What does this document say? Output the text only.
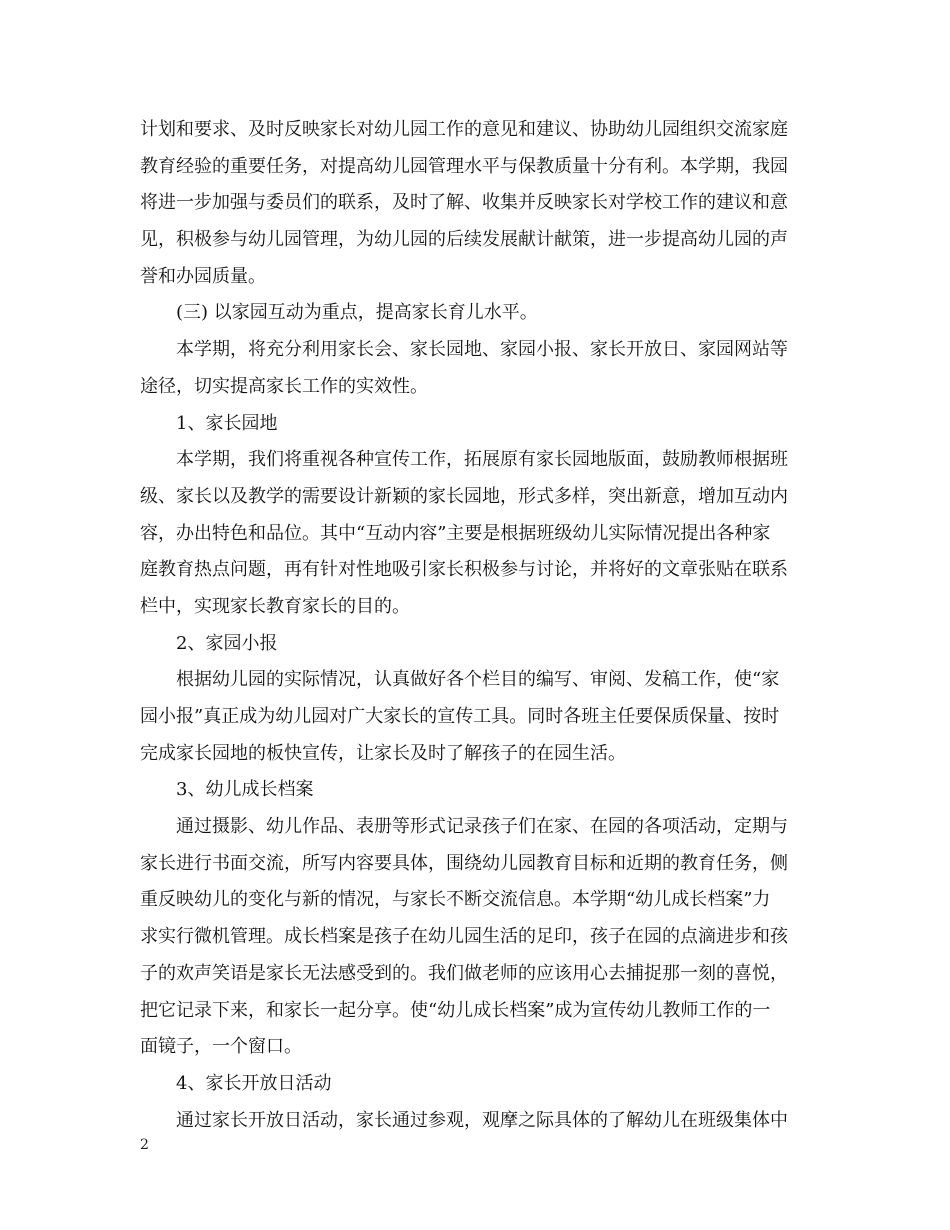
计划和要求、及时反映家长对幼儿园工作的意见和建议、协助幼儿园组织交流家庭
教育经验的重要任务，对提高幼儿园管理水平与保教质量十分有利。本学期，我园
将进一步加强与委员们的联系，及时了解、收集并反映家长对学校工作的建议和意
见，积极参与幼儿园管理，为幼儿园的后续发展献计献策，进一步提高幼儿园的声
誉和办园质量。
(三) 以家园互动为重点，提高家长育儿水平。
本学期，将充分利用家长会、家长园地、家园小报、家长开放日、家园网站等
途径，切实提高家长工作的实效性。
1、家长园地
本学期，我们将重视各种宣传工作，拓展原有家长园地版面，鼓励教师根据班
级、家长以及教学的需要设计新颖的家长园地，形式多样，突出新意，增加互动内
容，办出特色和品位。其中“互动内容”主要是根据班级幼儿实际情况提出各种家
庭教育热点问题，再有针对性地吸引家长积极参与讨论，并将好的文章张贴在联系
栏中，实现家长教育家长的目的。
2、家园小报
根据幼儿园的实际情况，认真做好各个栏目的编写、审阅、发稿工作，使“家
园小报”真正成为幼儿园对广大家长的宣传工具。同时各班主任要保质保量、按时
完成家长园地的板快宣传，让家长及时了解孩子的在园生活。
3、幼儿成长档案
通过摄影、幼儿作品、表册等形式记录孩子们在家、在园的各项活动，定期与
家长进行书面交流，所写内容要具体，围绕幼儿园教育目标和近期的教育任务，侧
重反映幼儿的变化与新的情况，与家长不断交流信息。本学期“幼儿成长档案”力
求实行微机管理。成长档案是孩子在幼儿园生活的足印，孩子在园的点滴进步和孩
子的欢声笑语是家长无法感受到的。我们做老师的应该用心去捕捉那一刻的喜悦，
把它记录下来，和家长一起分享。使“幼儿成长档案”成为宣传幼儿教师工作的一
面镜子，一个窗口。
4、家长开放日活动
通过家长开放日活动，家长通过参观，观摩之际具体的了解幼儿在班级集体中
2
